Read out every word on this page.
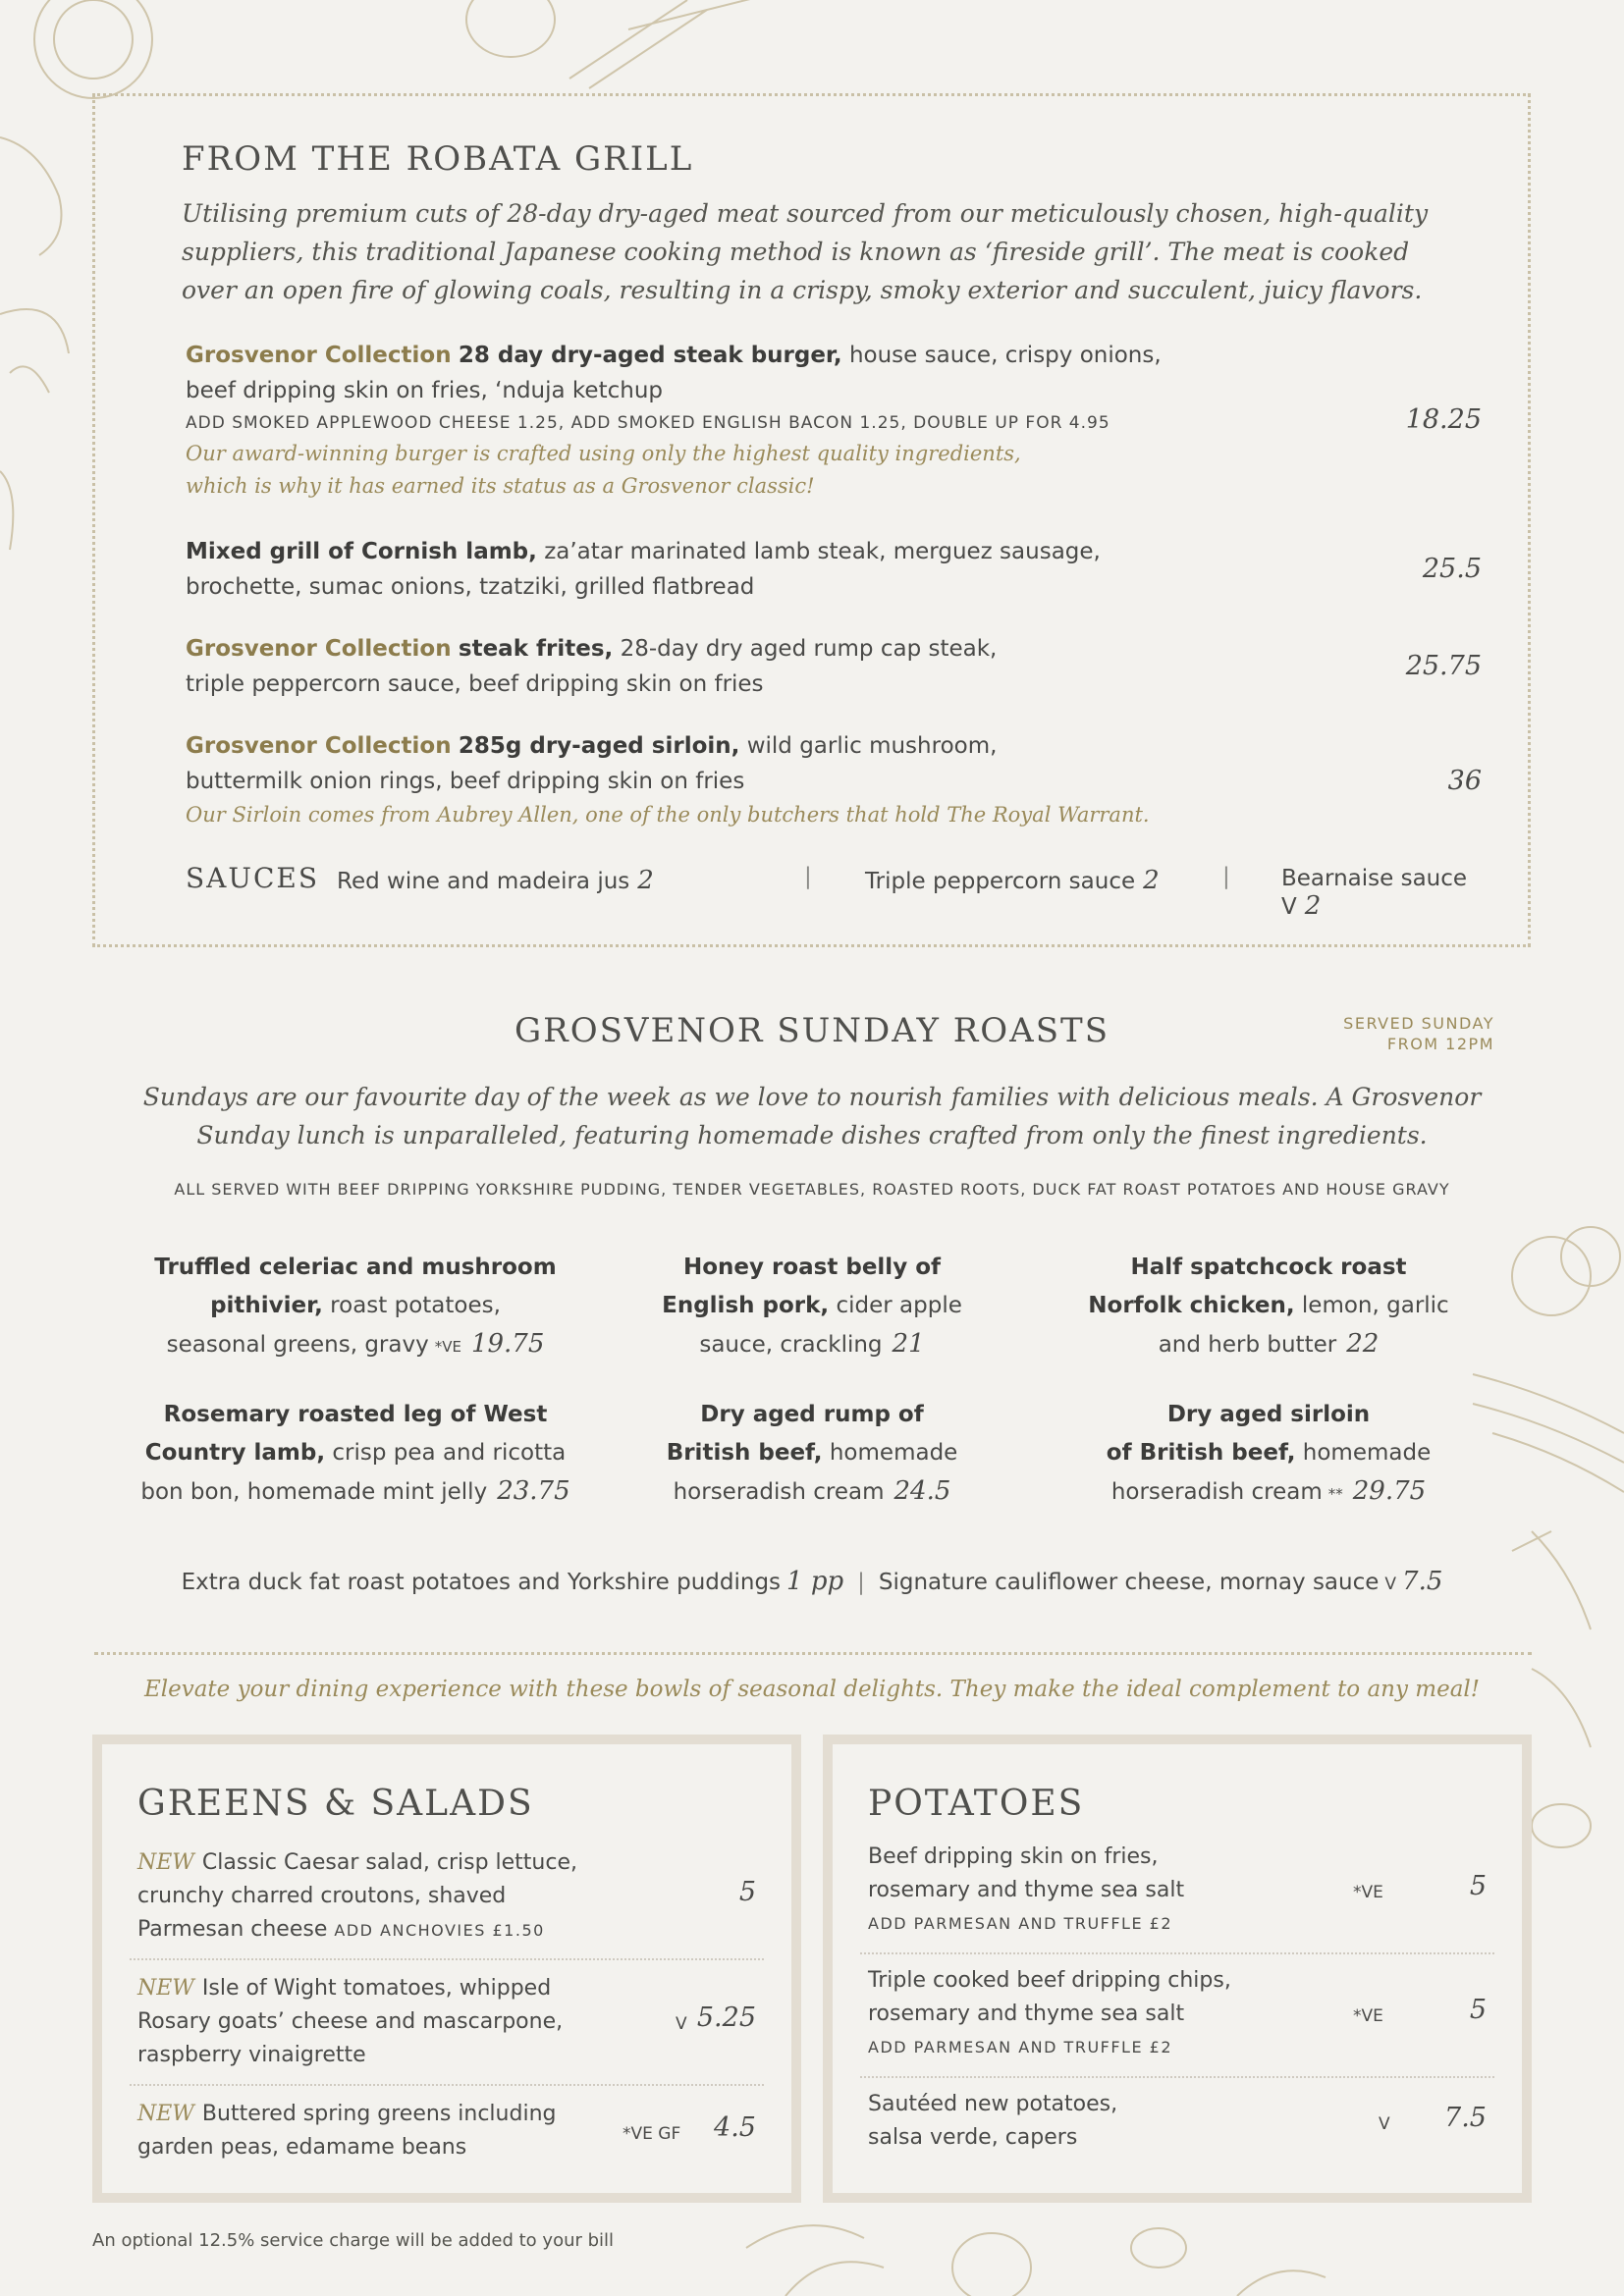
FROM THE ROBATA GRILL

Utilising premium cuts of 28-day dry-aged meat sourced from our meticulously chosen, high-quality suppliers, this traditional Japanese cooking method is known as ‘fireside grill’. The meat is cooked over an open fire of glowing coals, resulting in a crispy, smoky exterior and succulent, juicy flavors.

Grosvenor Collection 28 day dry-aged steak burger, house sauce, crispy onions,
beef dripping skin on fries, ‘nduja ketchup
ADD SMOKED APPLEWOOD CHEESE 1.25, ADD SMOKED ENGLISH BACON 1.25, DOUBLE UP FOR 4.95
Our award-winning burger is crafted using only the highest quality ingredients,
which is why it has earned its status as a Grosvenor classic!
18.25
Mixed grill of Cornish lamb, za’atar marinated lamb steak, merguez sausage,
brochette, sumac onions, tzatziki, grilled flatbread
25.5
Grosvenor Collection steak frites, 28-day dry aged rump cap steak,
triple peppercorn sauce, beef dripping skin on fries
25.75
Grosvenor Collection 285g dry-aged sirloin, wild garlic mushroom,
buttermilk onion rings, beef dripping skin on fries
Our Sirloin comes from Aubrey Allen, one of the only butchers that hold The Royal Warrant.
36
SAUCES Red wine and madeira jus 2	| Triple peppercorn sauce 2	| Bearnaise sauce V 2
GROSVENOR SUNDAY ROASTS	SERVED SUNDAY
FROM 12PM

Sundays are our favourite day of the week as we love to nourish families with delicious meals. A Grosvenor Sunday lunch is unparalleled, featuring homemade dishes crafted from only the finest ingredients.

ALL SERVED WITH BEEF DRIPPING YORKSHIRE PUDDING, TENDER VEGETABLES, ROASTED ROOTS, DUCK FAT ROAST POTATOES AND HOUSE GRAVY
Truffled celeriac and mushroom
pithivier, roast potatoes,
seasonal greens, gravy *VE 19.75
Honey roast belly of
English pork, cider apple
sauce, crackling 21
Half spatchcock roast
Norfolk chicken, lemon, garlic
and herb butter 22
Rosemary roasted leg of West
Country lamb, crisp pea and ricotta
bon bon, homemade mint jelly 23.75
Dry aged rump of
British beef, homemade
horseradish cream 24.5
Dry aged sirloin
of British beef, homemade
horseradish cream ** 29.75
Extra duck fat roast potatoes and Yorkshire puddings 1 pp | Signature cauliflower cheese, mornay sauce V 7.5

Elevate your dining experience with these bowls of seasonal delights. They make the ideal complement to any meal!

GREENS & SALADS
NEW Classic Caesar salad, crisp lettuce,
crunchy charred croutons, shaved
Parmesan cheese ADD ANCHOVIES £1.50
5
NEW Isle of Wight tomatoes, whipped
Rosary goats’ cheese and mascarpone,
raspberry vinaigrette
V 5.25
NEW Buttered spring greens including
garden peas, edamame beans
*VE GF 4.5
POTATOES
Beef dripping skin on fries,
rosemary and thyme sea salt
ADD PARMESAN AND TRUFFLE £2
*VE	5
Triple cooked beef dripping chips,
rosemary and thyme sea salt
ADD PARMESAN AND TRUFFLE £2
*VE	5
Sautéed new potatoes,
salsa verde, capers
V 7.5
An optional 12.5% service charge will be added to your bill
